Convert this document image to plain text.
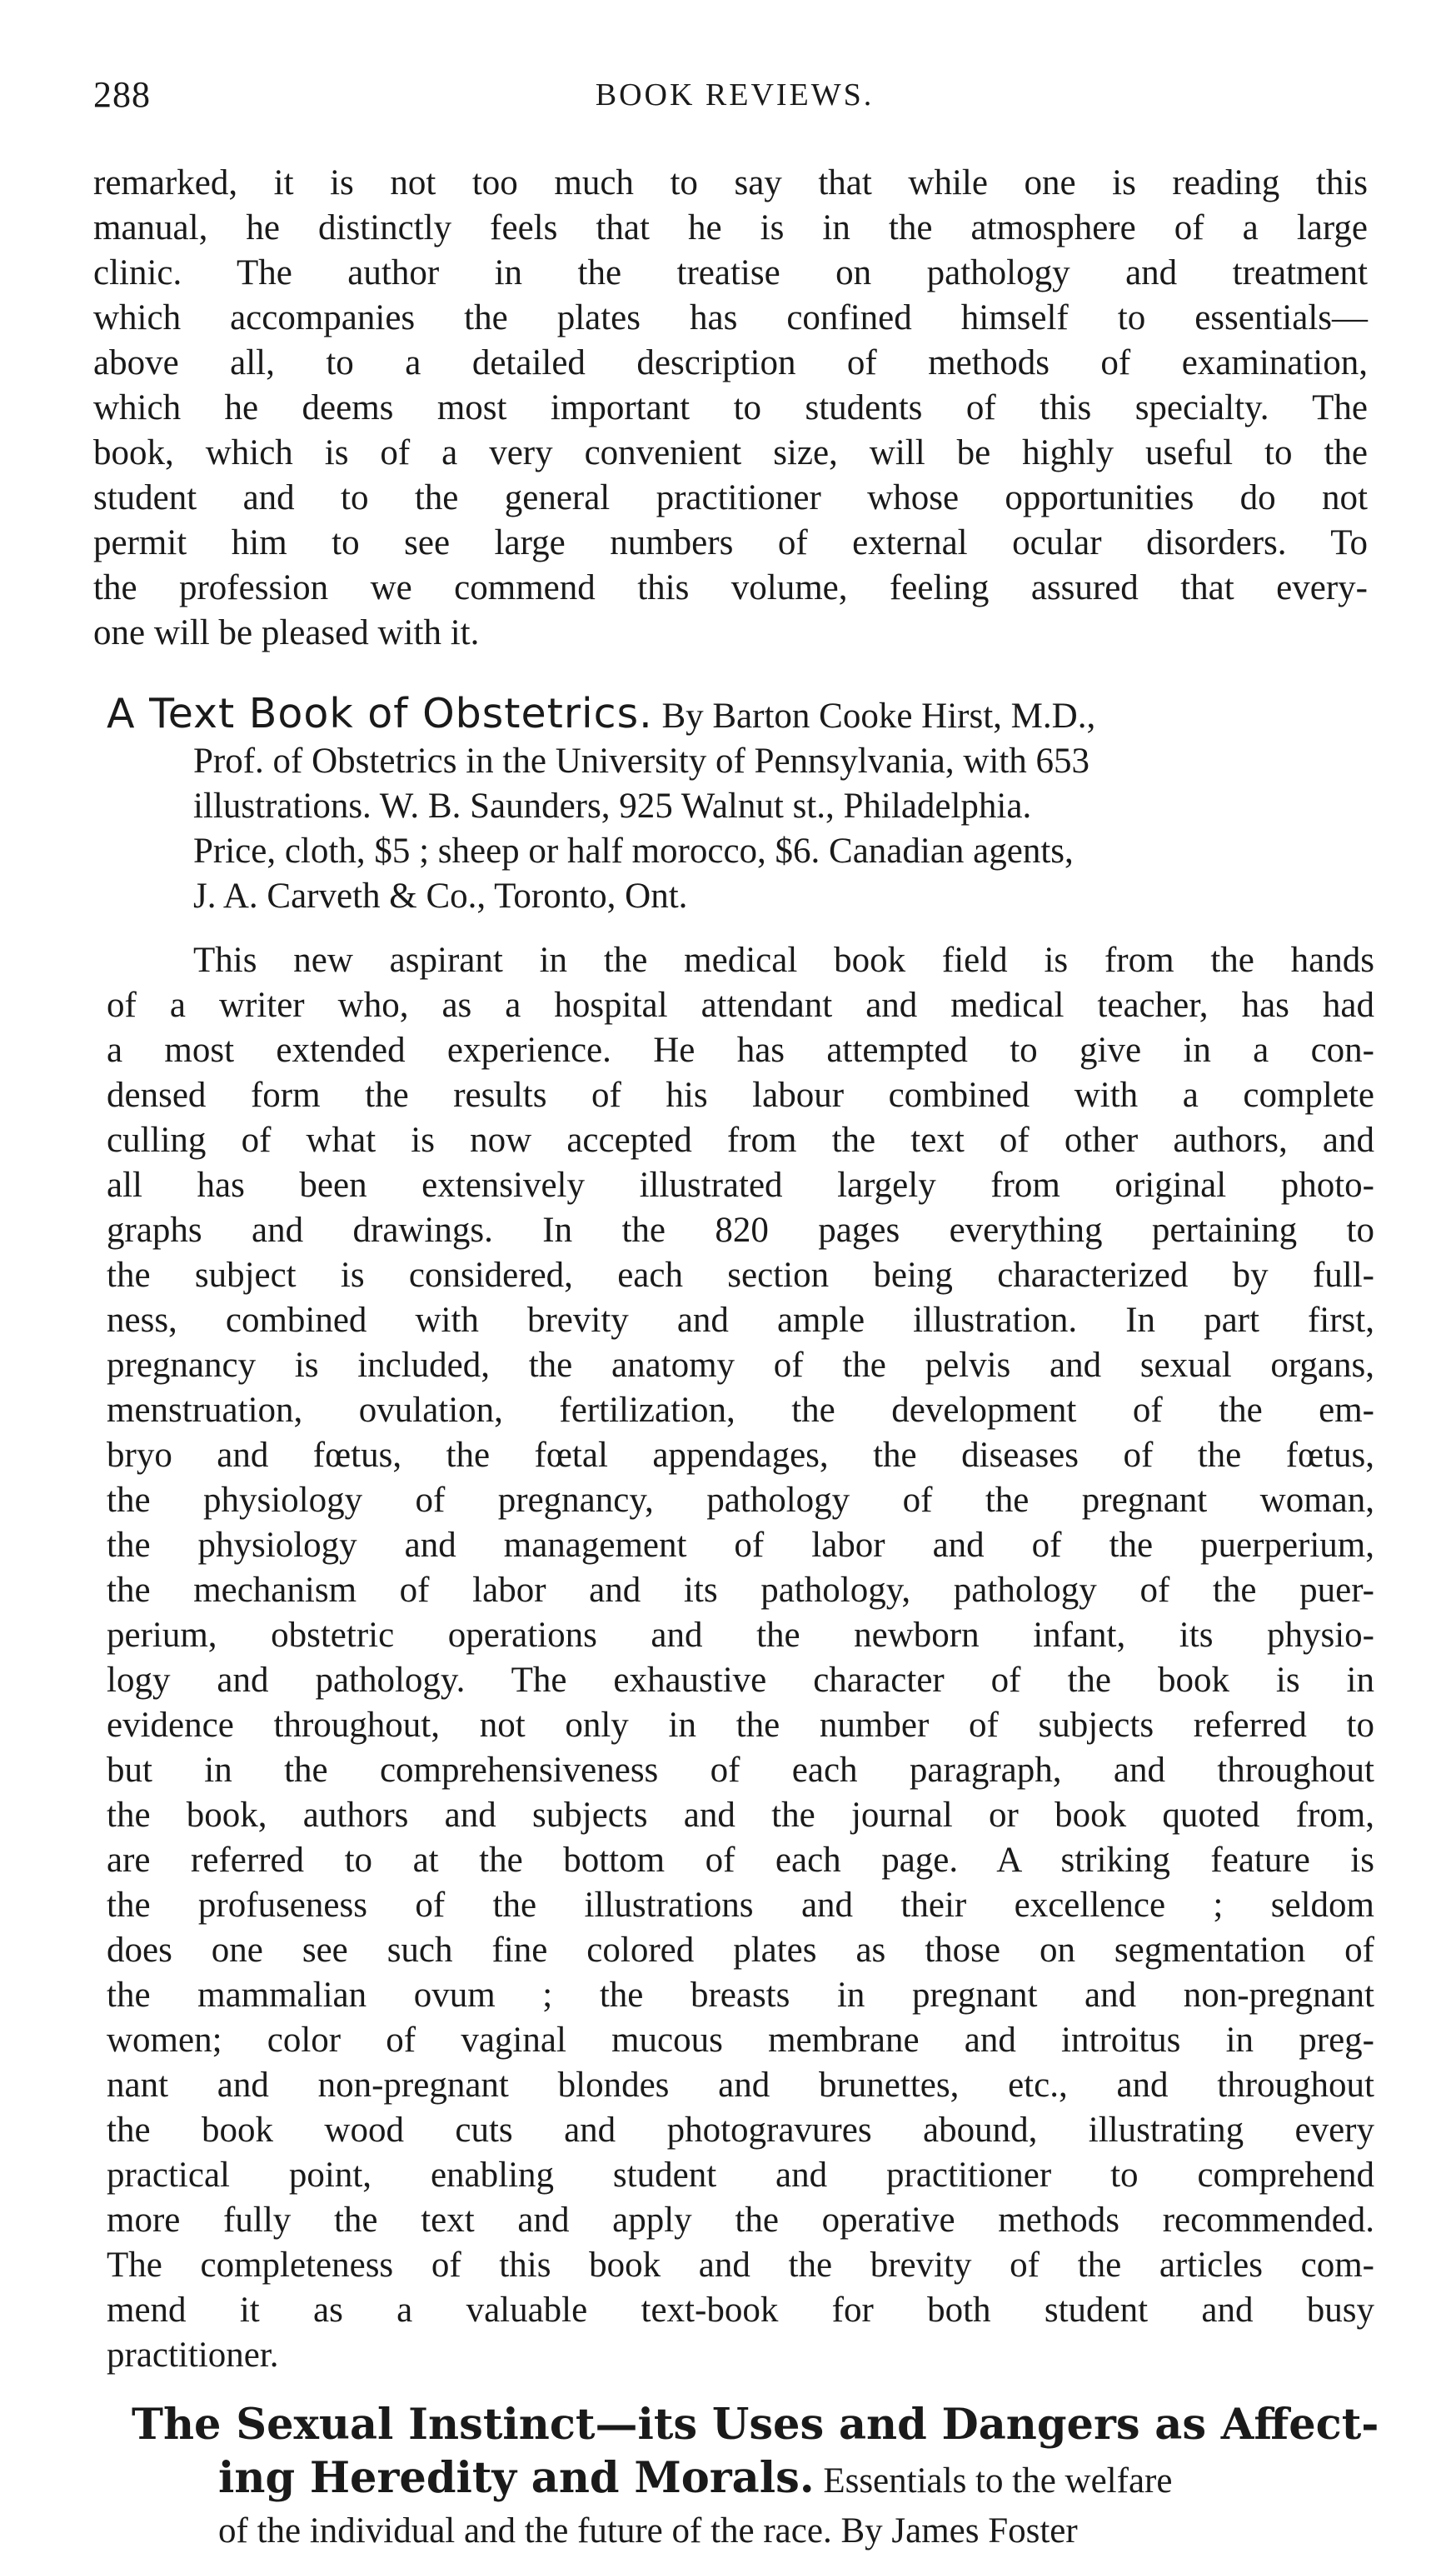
288	BOOK REVIEWS.
remarked, it is not too much to say that while one is reading this
manual, he distinctly feels that he is in the atmosphere of a large
clinic. The author in the treatise on pathology and treatment
which accompanies the plates has confined himself to essentials—
above all, to a detailed description of methods of examination,
which he deems most important to students of this specialty. The
book, which is of a very convenient size, will be highly useful to the
student and to the general practitioner whose opportunities do not
permit him to see large numbers of external ocular disorders. To
the profession we commend this volume, feeling assured that every-
one will be pleased with it.
A Text Book of Obstetrics. By Barton Cooke Hirst, M.D.,
Prof. of Obstetrics in the University of Pennsylvania, with 653
illustrations. W. B. Saunders, 925 Walnut st., Philadelphia.
Price, cloth, $5 ; sheep or half morocco, $6. Canadian agents,
J. A. Carveth & Co., Toronto, Ont.
This new aspirant in the medical book field is from the hands
of a writer who, as a hospital attendant and medical teacher, has had
a most extended experience. He has attempted to give in a con-
densed form the results of his labour combined with a complete
culling of what is now accepted from the text of other authors, and
all has been extensively illustrated largely from original photo-
graphs and drawings. In the 820 pages everything pertaining to
the subject is considered, each section being characterized by full-
ness, combined with brevity and ample illustration. In part first,
pregnancy is included, the anatomy of the pelvis and sexual organs,
menstruation, ovulation, fertilization, the development of the em-
bryo and fœtus, the fœtal appendages, the diseases of the fœtus,
the physiology of pregnancy, pathology of the pregnant woman,
the physiology and management of labor and of the puerperium,
the mechanism of labor and its pathology, pathology of the puer-
perium, obstetric operations and the newborn infant, its physio-
logy and pathology. The exhaustive character of the book is in
evidence throughout, not only in the number of subjects referred to
but in the comprehensiveness of each paragraph, and throughout
the book, authors and subjects and the journal or book quoted from,
are referred to at the bottom of each page. A striking feature is
the profuseness of the illustrations and their excellence ; seldom
does one see such fine colored plates as those on segmentation of
the mammalian ovum ; the breasts in pregnant and non-pregnant
women; color of vaginal mucous membrane and introitus in preg-
nant and non-pregnant blondes and brunettes, etc., and throughout
the book wood cuts and photogravures abound, illustrating every
practical point, enabling student and practitioner to comprehend
more fully the text and apply the operative methods recommended.
The completeness of this book and the brevity of the articles com-
mend it as a valuable text-book for both student and busy
practitioner.
The Sexual Instinct—its Uses and Dangers as Affect-
ing Heredity and Morals. Essentials to the welfare
of the individual and the future of the race. By James Foster
